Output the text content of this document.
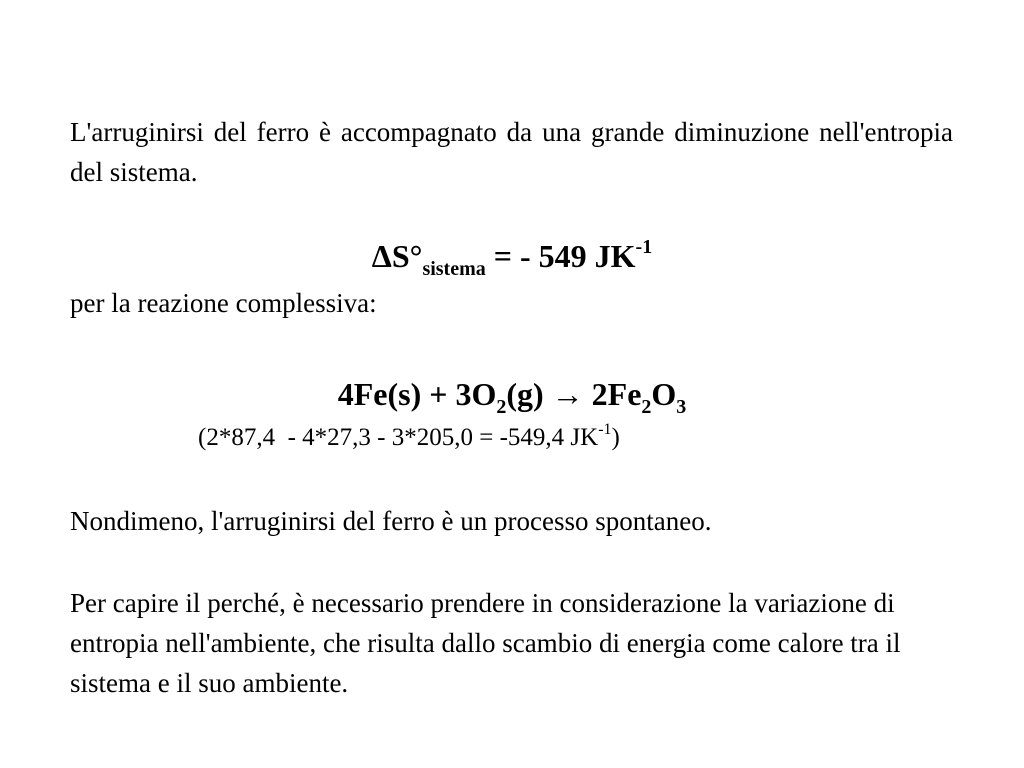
L'arruginirsi del ferro è accompagnato da una grande diminuzione nell'entropia del sistema.

$\Delta S^\circ_{sistema}$ = - 549 $JK^{-1}$

per la reazione complessiva:

$4Fe(s) + 3O_2(g) \to 2Fe_2O_3$
(2*87,4  - 4*27,3 - 3*205,0 = -549,4 $JK^{-1}$)

Nondimeno, l'arruginirsi del ferro è un processo spontaneo.

Per capire il perché, è necessario prendere in considerazione la variazione di entropia nell'ambiente, che risulta dallo scambio di energia come calore tra il sistema e il suo ambiente.
